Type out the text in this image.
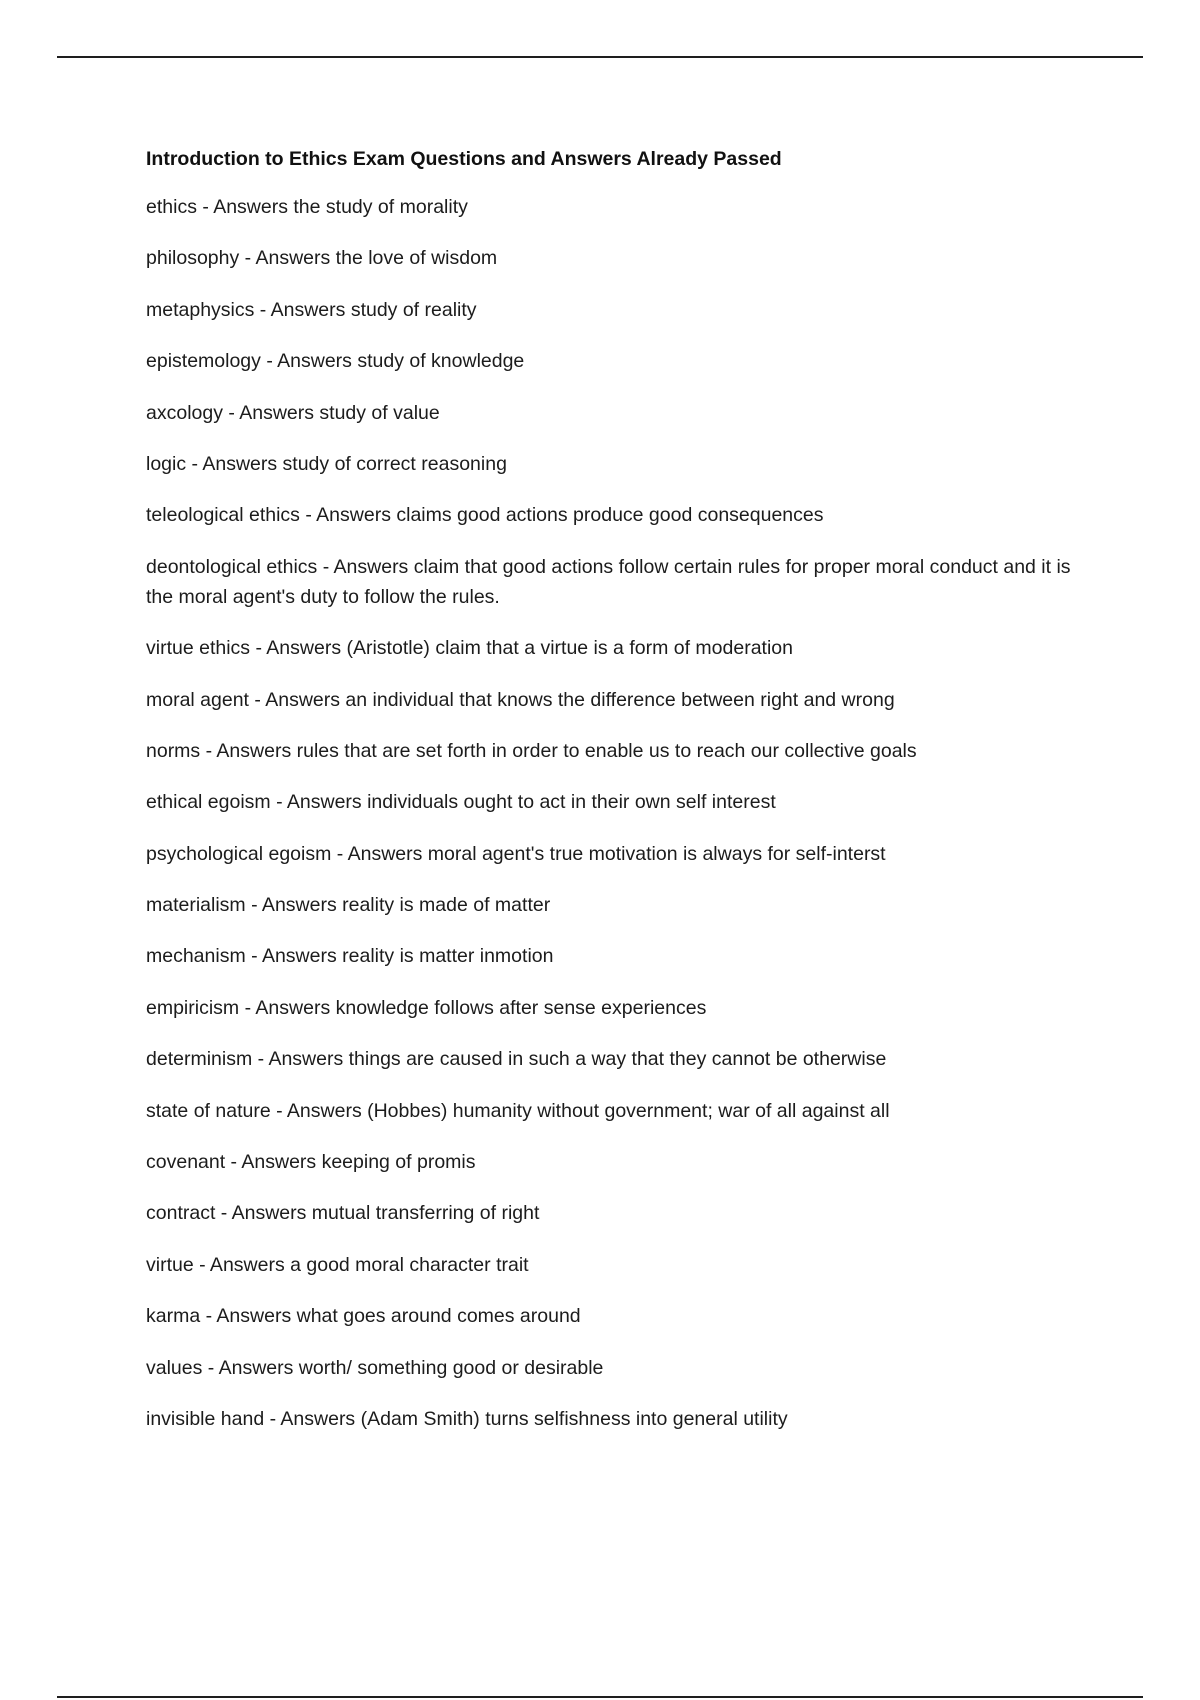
Introduction to Ethics Exam Questions and Answers Already Passed
ethics - Answers the study of morality
philosophy - Answers the love of wisdom
metaphysics - Answers study of reality
epistemology - Answers study of knowledge
axcology - Answers study of value
logic - Answers study of correct reasoning
teleological ethics - Answers claims good actions produce good consequences
deontological ethics - Answers claim that good actions follow certain rules for proper moral conduct and it is the moral agent's duty to follow the rules.
virtue ethics - Answers (Aristotle) claim that a virtue is a form of moderation
moral agent - Answers an individual that knows the difference between right and wrong
norms - Answers rules that are set forth in order to enable us to reach our collective goals
ethical egoism - Answers individuals ought to act in their own self interest
psychological egoism - Answers moral agent's true motivation is always for self-interst
materialism - Answers reality is made of matter
mechanism - Answers reality is matter inmotion
empiricism - Answers knowledge follows after sense experiences
determinism - Answers things are caused in such a way that they cannot be otherwise
state of nature - Answers (Hobbes) humanity without government; war of all against all
covenant - Answers keeping of promis
contract - Answers mutual transferring of right
virtue - Answers a good moral character trait
karma - Answers what goes around comes around
values - Answers worth/ something good or desirable
invisible hand - Answers (Adam Smith) turns selfishness into general utility
